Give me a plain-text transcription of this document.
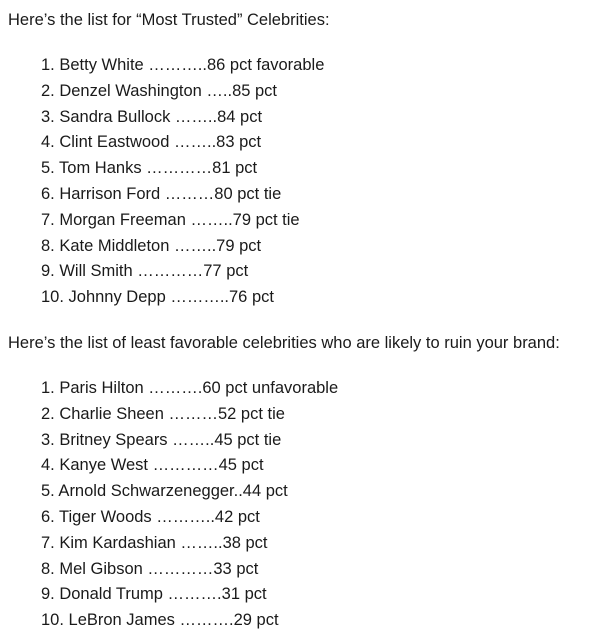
Here’s the list for “Most Trusted” Celebrities:
1. Betty White ………..86 pct favorable
2. Denzel Washington …..85 pct
3. Sandra Bullock ……..84 pct
4. Clint Eastwood ……..83 pct
5. Tom Hanks …………81 pct
6. Harrison Ford ………80 pct tie
7. Morgan Freeman ……..79 pct tie
8. Kate Middleton ……..79 pct
9. Will Smith …………77 pct
10. Johnny Depp ………..76 pct
Here’s the list of least favorable celebrities who are likely to ruin your brand:
1. Paris Hilton ……….60 pct unfavorable
2. Charlie Sheen ………52 pct tie
3. Britney Spears ……..45 pct tie
4. Kanye West …………45 pct
5. Arnold Schwarzenegger..44 pct
6. Tiger Woods ………..42 pct
7. Kim Kardashian ……..38 pct
8. Mel Gibson …………33 pct
9. Donald Trump ……….31 pct
10. LeBron James ……….29 pct
